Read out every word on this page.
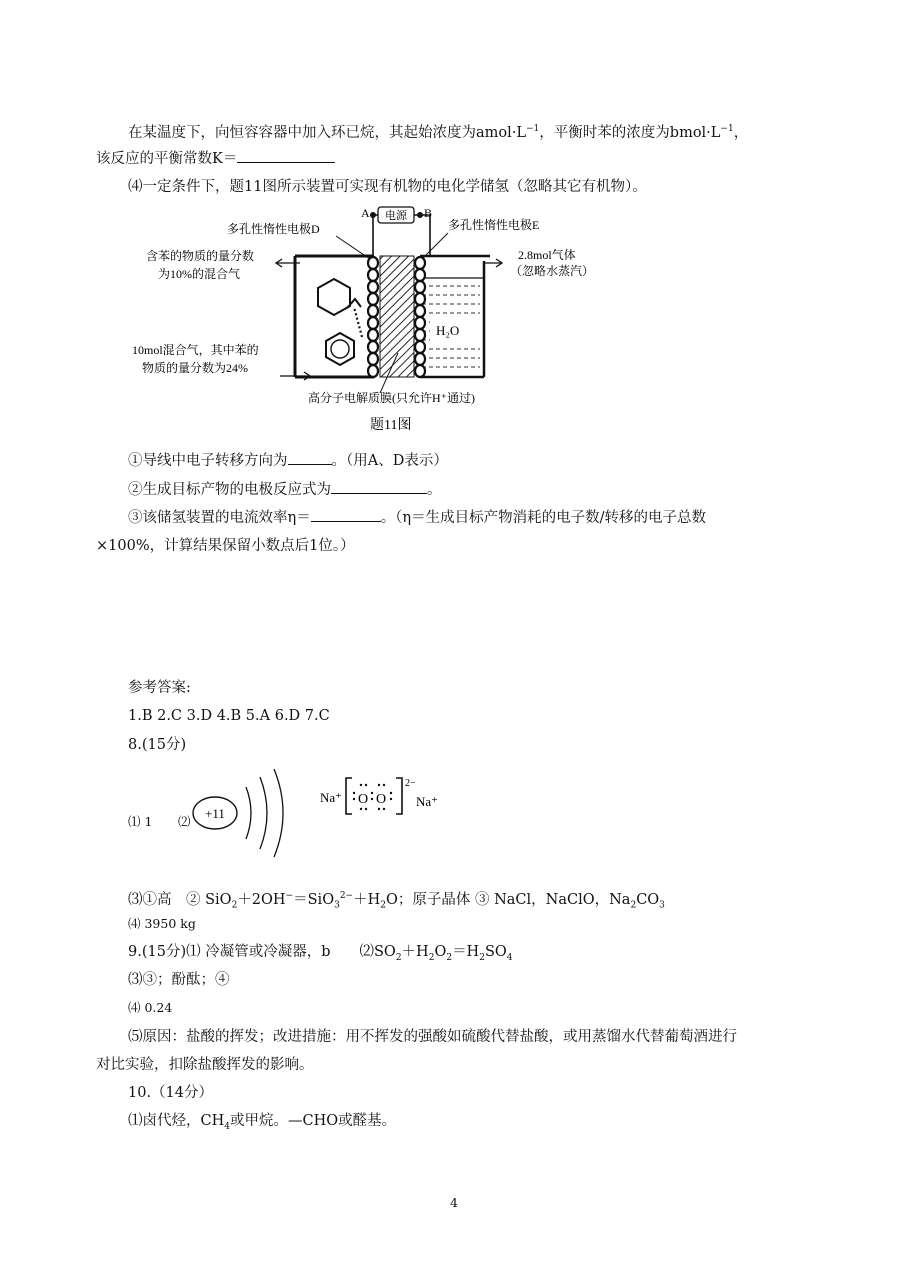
在某温度下，向恒容容器中加入环已烷，其起始浓度为$amol\cdot L^{-1}$，平衡时苯的浓度为$bmol\cdot L^{-1}$，
该反应的平衡常数K＝
⑷一定条件下，题11图所示装置可实现有机物的电化学储氢（忽略其它有机物）。
电源
A	B
多孔性惰性电极D	多孔性惰性电极E
含苯的物质的量分数
为10%的混合气
10mol混合气，其中苯的
物质的量分数为24%
2.8mol气体
（忽略水蒸汽）
H₂O
高分子电解质膜(只允许H⁺通过)
题11图
①导线中电子转移方向为	。（用A、D表示）
②生成目标产物的电极反应式为	。
③该储氢装置的电流效率η＝	。（η＝生成目标产物消耗的电子数/转移的电子总数
×100%，计算结果保留小数点后1位。）
参考答案:
1.B 2.C 3.D 4.B 5.A 6.D 7.C
8.(15分)
⑴ 1 ⑵
+11
Na⁺ O O
2−
Na⁺
⑶①高　② $SiO_2+2OH^-=SiO_3^{2-}+H_2O$；原子晶体 ③ NaCl，NaClO，$Na_2CO_3$
⑷ 3950 kg
9.(15分)⑴ 冷凝管或冷凝器，b　　$⑵SO_2+H_2O_2=H_2SO_4$
⑶③；酚酞；④
⑷ 0.24
⑸原因：盐酸的挥发；改进措施：用不挥发的强酸如硫酸代替盐酸，或用蒸馏水代替葡萄酒进行
对比实验，扣除盐酸挥发的影响。
10.（14分）
⑴卤代烃，$CH_4$或甲烷。—CHO或醛基。
4
